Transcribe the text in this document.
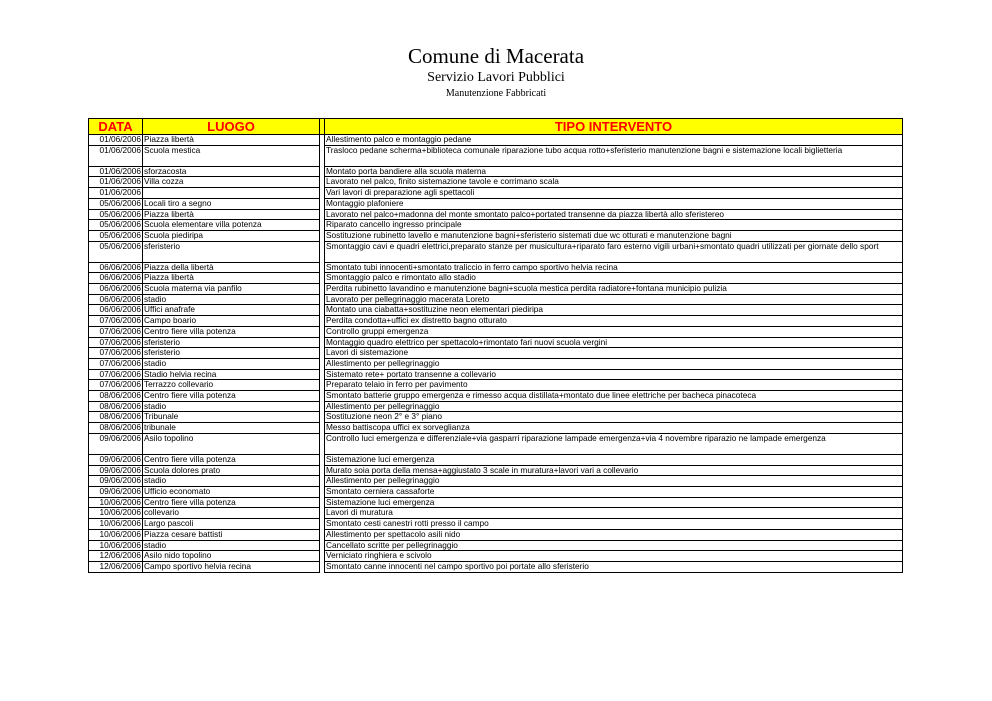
Comune di Macerata
Servizio Lavori Pubblici
Manutenzione Fabbricati
DATA	LUOGO		TIPO INTERVENTO
01/06/2006	Piazza libertà		Allestimento palco e montaggio pedane
01/06/2006	Scuola mestica		Trasloco pedane scherma+biblioteca comunale riparazione tubo acqua rotto+sferisterio manutenzione bagni e sistemazione locali biglietteria
01/06/2006	sforzacosta		Montato porta bandiere alla scuola materna
01/06/2006	Villa cozza		Lavorato nel palco, finito sistemazione tavole e corrimano scala
01/06/2006			Vari lavori di preparazione agli spettacoli
05/06/2006	Locali tiro a segno		Montaggio plafoniere
05/06/2006	Piazza libertà		Lavorato nel palco+madonna del monte smontato palco+portated transenne da piazza libertà allo sferistereo
05/06/2006	Scuola elementare villa potenza		Riparato cancello ingresso principale
05/06/2006	Scuola piediripa		Sostituzione rubinetto lavello e manutenzione bagni+sferisterio sistemati due wc otturati e manutenzione bagni
05/06/2006	sferisterio		Smontaggio cavi e quadri elettrici,preparato stanze per musicultura+riparato faro esterno vigili urbani+smontato quadri utilizzati per giornate dello sport
06/06/2006	Piazza della libertà		Smontato tubi innocenti+smontato traliccio in ferro campo sportivo helvia recina
06/06/2006	Piazza libertà		Smontaggio palco e rimontato allo stadio
06/06/2006	Scuola materna via panfilo		Perdita rubinetto lavandino e manutenzione bagni+scuola mestica perdita radiatore+fontana municipio pulizia
06/06/2006	stadio		Lavorato per pellegrinaggio macerata Loreto
06/06/2006	Uffici anafrafe		Montato una ciabatta+sostituzine neon elementari piediripa
07/06/2006	Campo boario		Perdita condotta+uffici ex distretto bagno otturato
07/06/2006	Centro fiere villa potenza		Controllo gruppi emergenza
07/06/2006	sferisterio		Montaggio quadro elettrico per spettacolo+rimontato fari nuovi scuola vergini
07/06/2006	sferisterio		Lavori di sistemazione
07/06/2006	stadio		Allestimento per pellegrinaggio
07/06/2006	Stadio helvia recina		Sistemato rete+ portato transenne a collevario
07/06/2006	Terrazzo collevario		Preparato telaio in ferro per pavimento
08/06/2006	Centro fiere villa potenza		Smontato batterie gruppo emergenza e rimesso acqua distillata+montato due linee elettriche per bacheca pinacoteca
08/06/2006	stadio		Allestimento per pellegrinaggio
08/06/2006	Tribunale		Sostituzione neon 2° e 3° piano
08/06/2006	tribunale		Messo battiscopa uffici ex sorveglianza
09/06/2006	Asilo topolino		Controllo luci emergenza e differenziale+via gasparri riparazione lampade emergenza+via 4 novembre riparazio ne lampade emergenza
09/06/2006	Centro fiere villa potenza		Sistemazione luci emergenza
09/06/2006	Scuola dolores prato		Murato soia porta della mensa+aggiustato 3 scale in muratura+lavori vari a collevario
09/06/2006	stadio		Allestimento per pellegrinaggio
09/06/2006	Ufficio economato		Smontato cerniera cassaforte
10/06/2006	Centro fiere villa potenza		Sistemazione luci emergenza
10/06/2006	collevario		Lavori di muratura
10/06/2006	Largo pascoli		Smontato cesti canestri rotti presso il campo
10/06/2006	Piazza cesare battisti		Allestimento per spettacolo asili nido
10/06/2006	stadio		Cancellato scritte per pellegrinaggio
12/06/2006	Asilo nido topolino		Verniciato ringhiera e scivolo
12/06/2006	Campo sportivo helvia recina		Smontato canne innocenti nel campo sportivo poi portate allo sferisterio
